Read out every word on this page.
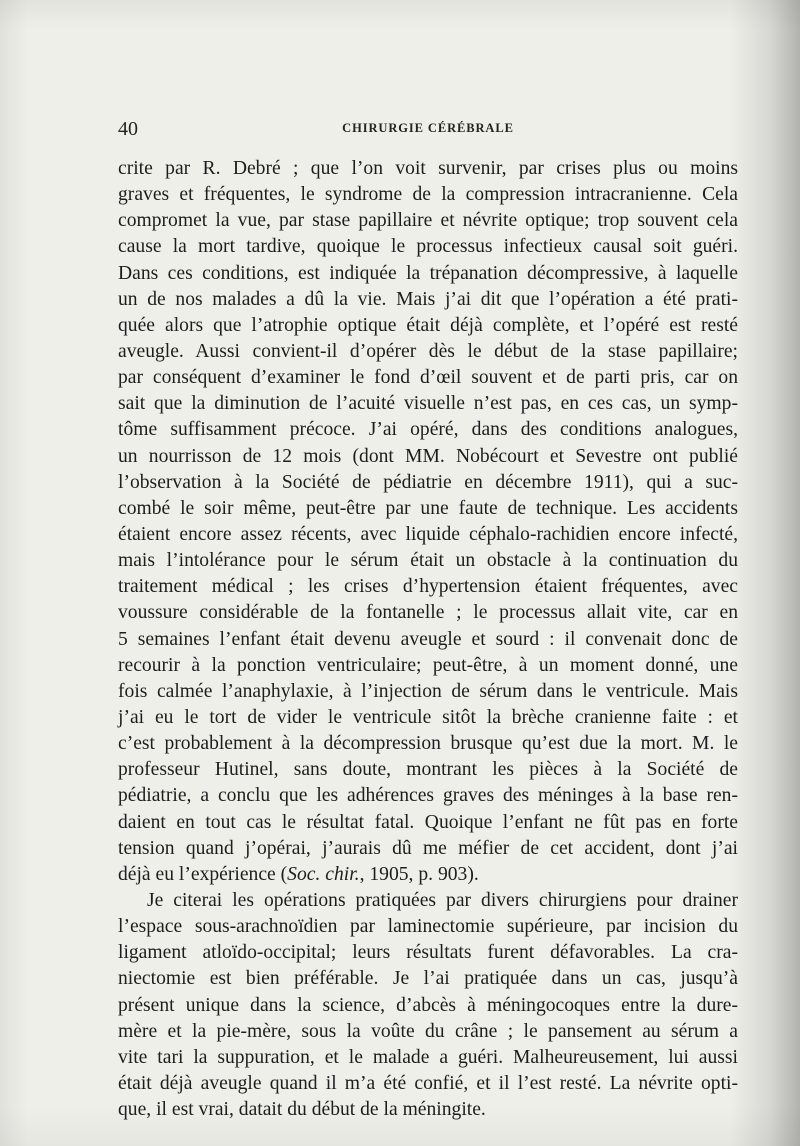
40	CHIRURGIE CÉRÉBRALE
crite par R. Debré ; que l’on voit survenir, par crises plus ou moins
graves et fréquentes, le syndrome de la compression intracranienne. Cela
compromet la vue, par stase papillaire et névrite optique; trop souvent cela
cause la mort tardive, quoique le processus infectieux causal soit guéri.
Dans ces conditions, est indiquée la trépanation décompressive, à laquelle
un de nos malades a dû la vie. Mais j’ai dit que l’opération a été prati-
quée alors que l’atrophie optique était déjà complète, et l’opéré est resté
aveugle. Aussi convient-il d’opérer dès le début de la stase papillaire;
par conséquent d’examiner le fond d’œil souvent et de parti pris, car on
sait que la diminution de l’acuité visuelle n’est pas, en ces cas, un symp-
tôme suffisamment précoce. J’ai opéré, dans des conditions analogues,
un nourrisson de 12 mois (dont MM. Nobécourt et Sevestre ont publié
l’observation à la Société de pédiatrie en décembre 1911), qui a suc-
combé le soir même, peut-être par une faute de technique. Les accidents
étaient encore assez récents, avec liquide céphalo-rachidien encore infecté,
mais l’intolérance pour le sérum était un obstacle à la continuation du
traitement médical ; les crises d’hypertension étaient fréquentes, avec
voussure considérable de la fontanelle ; le processus allait vite, car en
5 semaines l’enfant était devenu aveugle et sourd : il convenait donc de
recourir à la ponction ventriculaire; peut-être, à un moment donné, une
fois calmée l’anaphylaxie, à l’injection de sérum dans le ventricule. Mais
j’ai eu le tort de vider le ventricule sitôt la brèche cranienne faite : et
c’est probablement à la décompression brusque qu’est due la mort. M. le
professeur Hutinel, sans doute, montrant les pièces à la Société de
pédiatrie, a conclu que les adhérences graves des méninges à la base ren-
daient en tout cas le résultat fatal. Quoique l’enfant ne fût pas en forte
tension quand j’opérai, j’aurais dû me méfier de cet accident, dont j’ai
déjà eu l’expérience (Soc. chir., 1905, p. 903).
Je citerai les opérations pratiquées par divers chirurgiens pour drainer
l’espace sous-arachnoïdien par laminectomie supérieure, par incision du
ligament atloïdo-occipital; leurs résultats furent défavorables. La cra-
niectomie est bien préférable. Je l’ai pratiquée dans un cas, jusqu’à
présent unique dans la science, d’abcès à méningocoques entre la dure-
mère et la pie-mère, sous la voûte du crâne ; le pansement au sérum a
vite tari la suppuration, et le malade a guéri. Malheureusement, lui aussi
était déjà aveugle quand il m’a été confié, et il l’est resté. La névrite opti-
que, il est vrai, datait du début de la méningite.
